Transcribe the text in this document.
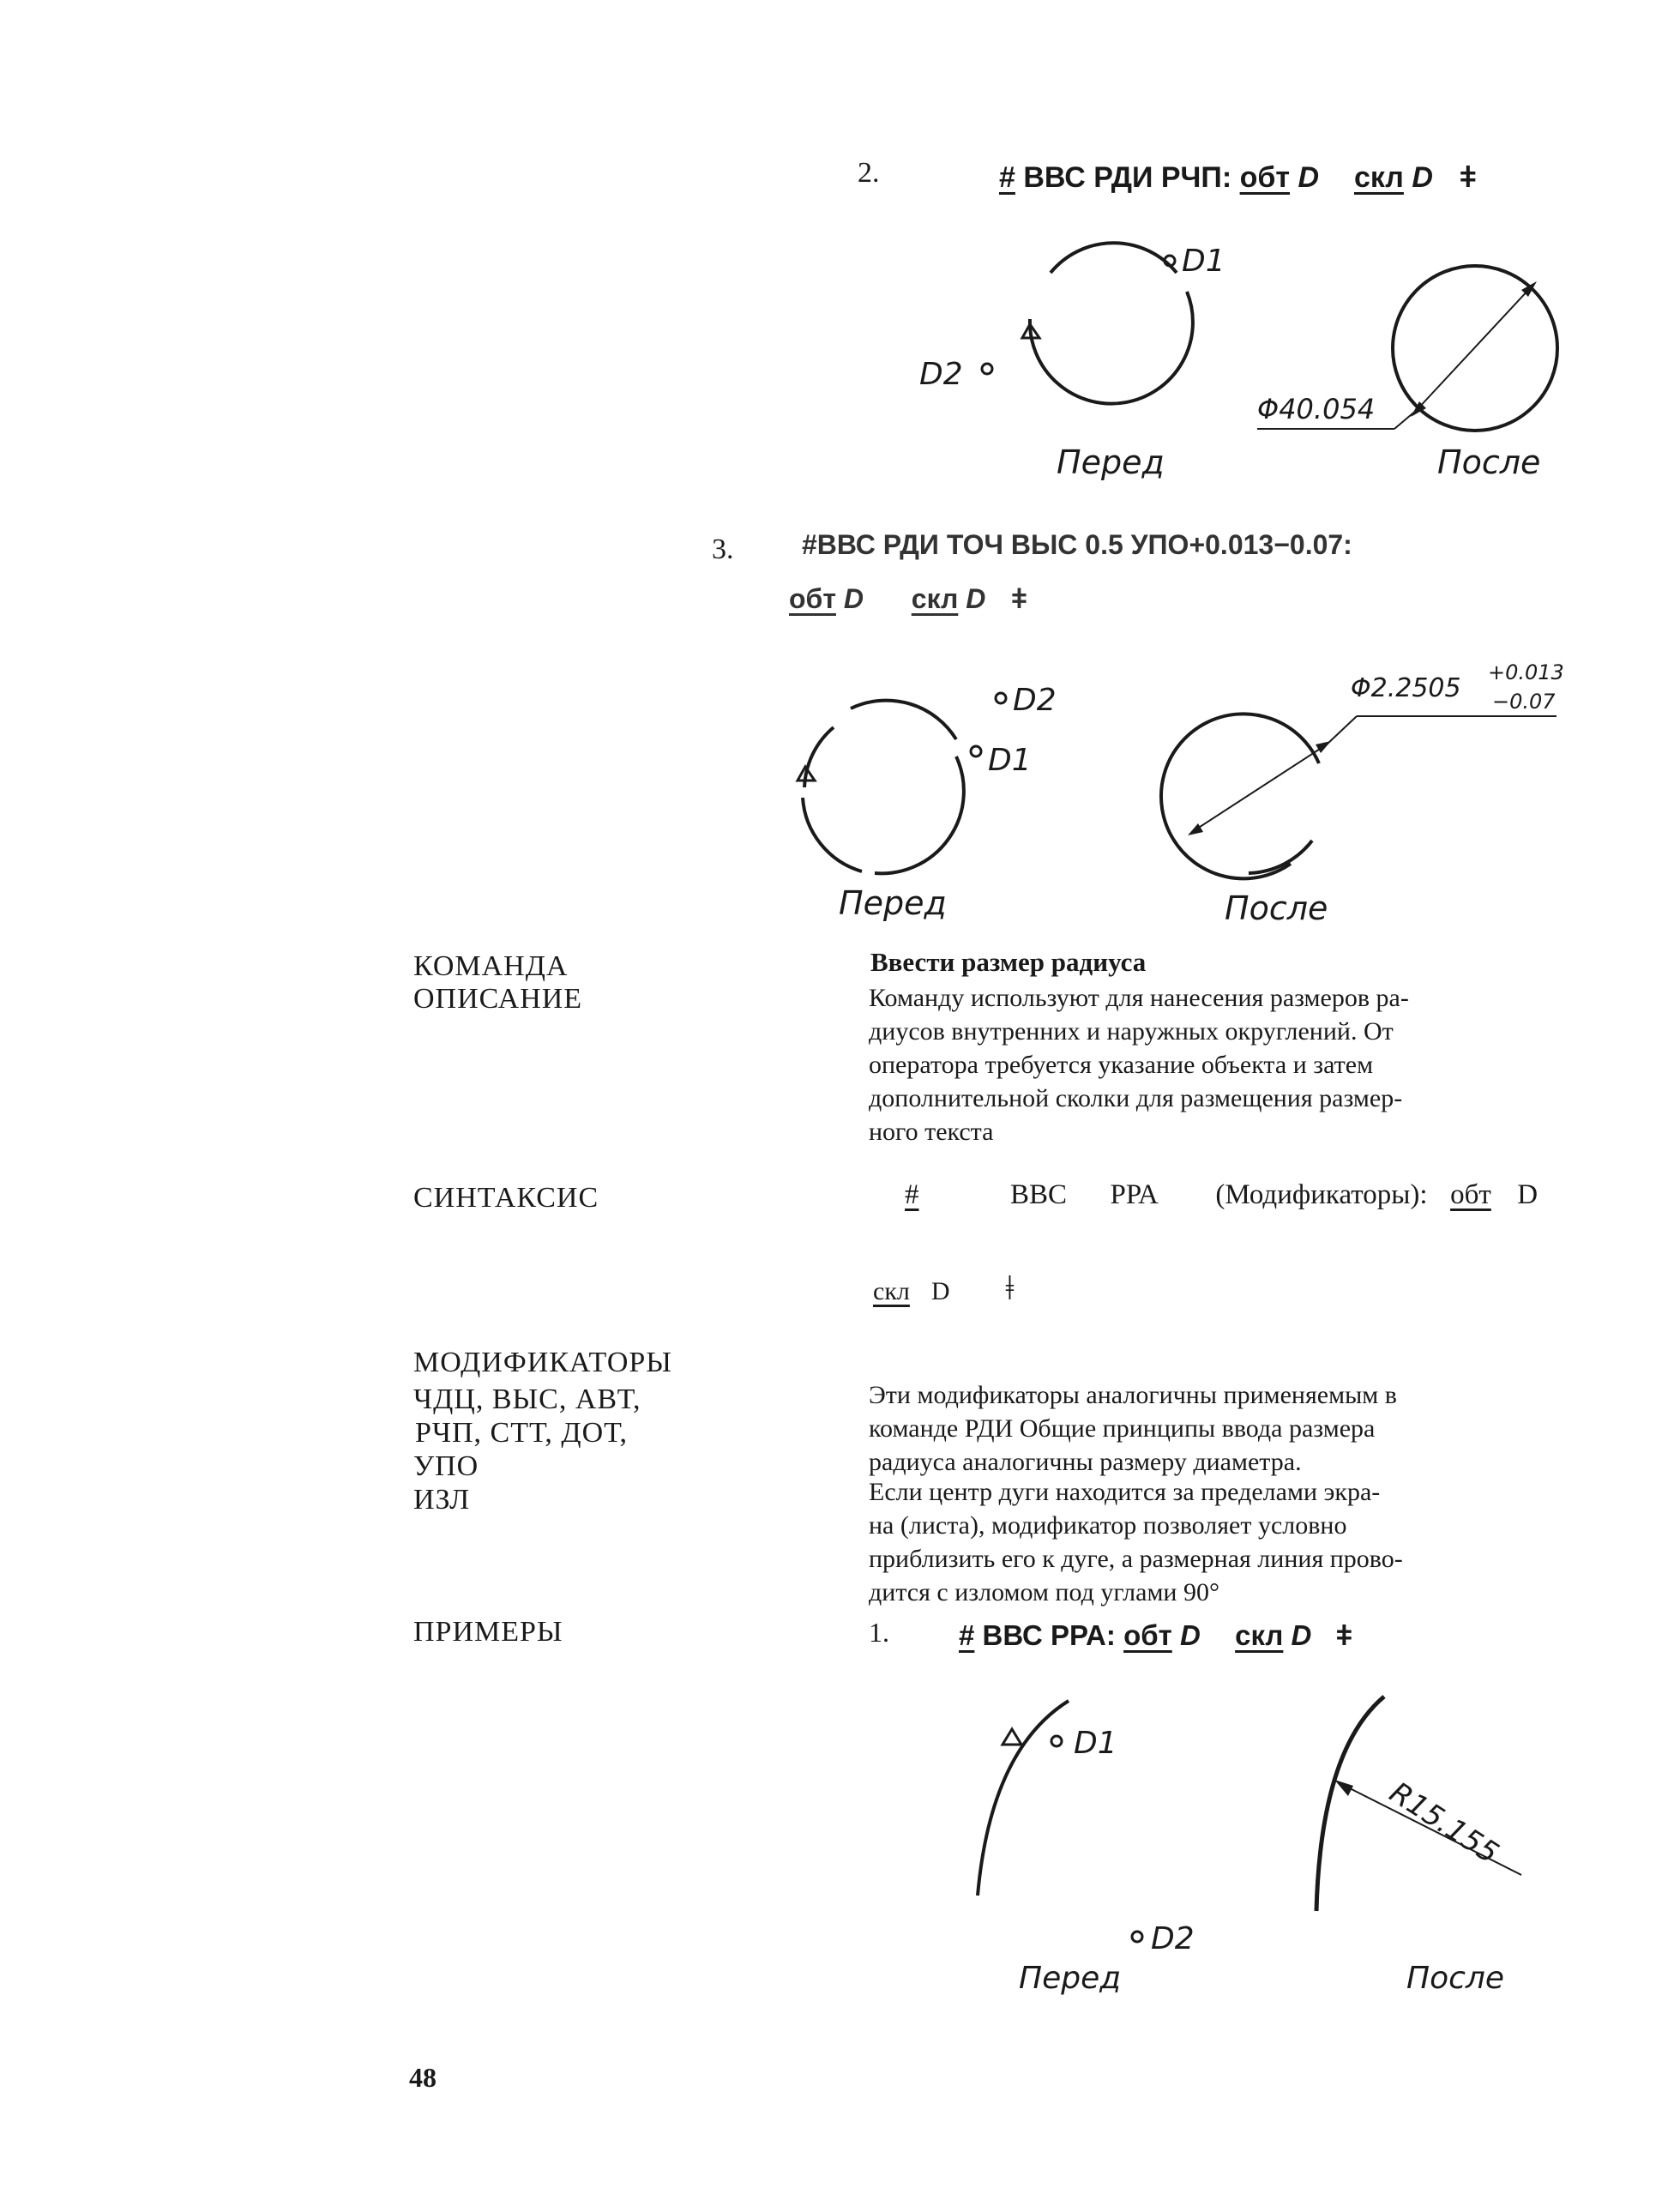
2.	# ВВС РДИ РЧП: обт D скл D ǂ
D1
D2
Перед
Φ40.054
После
3. #ВВС РДИ ТОЧ ВЫС 0.5 УПО+0.013−0.07:
обт D скл D ǂ
D2
D1
Перед
Φ2.2505
+0.013
−0.07
После
КОМАНДА
ОПИСАНИЕ
Ввести размер радиуса
Команду используют для нанесения размеров ра-
диусов внутренних и наружных округлений. От
оператора требуется указание объекта и затем
дополнительной сколки для размещения размер-
ного текста
СИНТАКСИС	#	ВВС РРА (Модификаторы): обт D
скл D ǂ
МОДИФИКАТОРЫ
ЧДЦ, ВЫС, АВТ,
РЧП, СТТ, ДОТ,
УПО
ИЗЛ
Эти модификаторы аналогичны применяемым в
команде РДИ Общие принципы ввода размера
радиуса аналогичны размеру диаметра.
Если центр дуги находится за пределами экра-
на (листа), модификатор позволяет условно
приблизить его к дуге, а размерная линия прово-
дится с изломом под углами 90°
ПРИМЕРЫ	1. # ВВС РРА: обт D скл D ǂ
D1
D2
Перед
R15.155
После
48
